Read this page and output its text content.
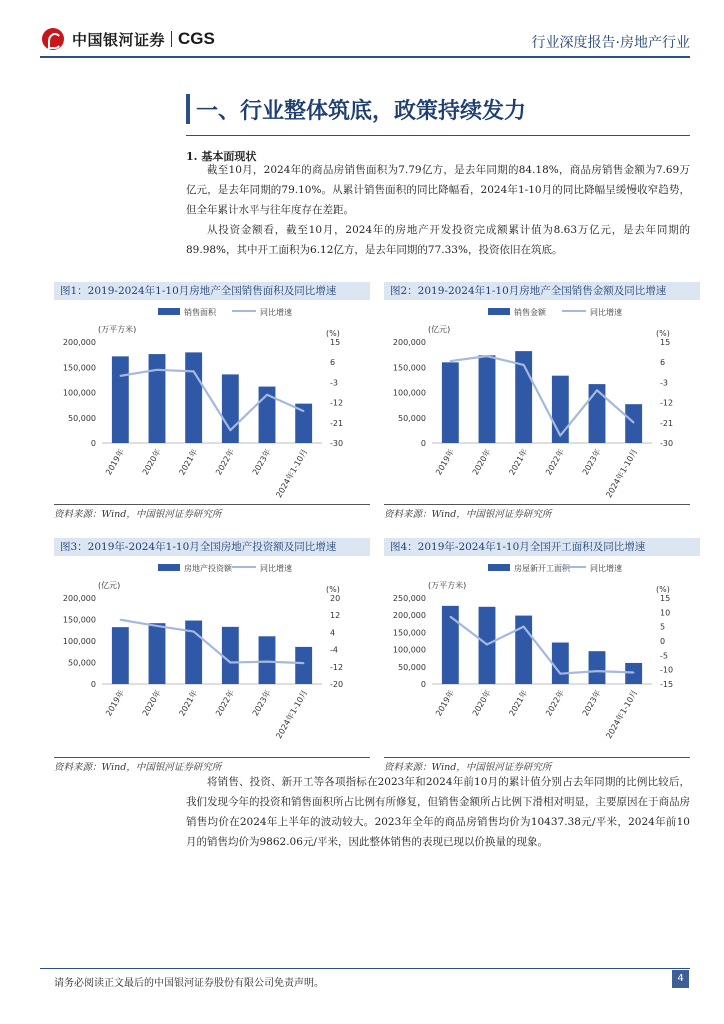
中国银河证券 CGS	行业深度报告·房地产行业
一、行业整体筑底，政策持续发力
1. 基本面现状

截至10月，2024年的商品房销售面积为7.79亿方，是去年同期的84.18%，商品房销售金额为7.69万亿元，是去年同期的79.10%。从累计销售面积的同比降幅看，2024年1-10月的同比降幅呈缓慢收窄趋势，但全年累计水平与往年度存在差距。

从投资金额看，截至10月，2024年的房地产开发投资完成额累计值为8.63万亿元，是去年同期的89.98%，其中开工面积为6.12亿方，是去年同期的77.33%，投资依旧在筑底。

图1：2019-2024年1-10月房地产全国销售面积及同比增速
销售面积	同比增速
(万平方米)	(%)
0
50,000
100,000
150,000
200,000
-30
-21
-12
-3
6
15
2019年 2020年 2021年 2022年 2023年 2024年1-10月
图2：2019-2024年1-10月房地产全国销售金额及同比增速
销售金额	同比增速
(亿元)	(%)
0
50,000
100,000
150,000
200,000
-30
-21
-12
-3
6
15
2019年 2020年 2021年 2022年 2023年 2024年1-10月
资料来源：Wind，中国银河证券研究所	资料来源：Wind，中国银河证券研究所
图3：2019年-2024年1-10月全国房地产投资额及同比增速
房地产投资额	同比增速
(亿元)	(%)
0
50,000
100,000
150,000
200,000
-20
-12
-4
4
12
20
2019年 2020年 2021年 2022年 2023年 2024年1-10月
图4：2019年-2024年1-10月全国开工面积及同比增速
房屋新开工面积	同比增速
(万平方米)	(%)
0
50,000
100,000
150,000
200,000
250,000
-15
-10
-5
0
5
10
15
2019年 2020年 2021年 2022年 2023年 2024年1-10月
资料来源：Wind，中国银河证券研究所	资料来源：Wind，中国银河证券研究所

将销售、投资、新开工等各项指标在2023年和2024年前10月的累计值分别占去年同期的比例比较后，我们发现今年的投资和销售面积所占比例有所修复，但销售金额所占比例下滑相对明显，主要原因在于商品房销售均价在2024年上半年的波动较大。2023年全年的商品房销售均价为10437.38元/平米，2024年前10月的销售均价为9862.06元/平米，因此整体销售的表现已现以价换量的现象。

请务必阅读正文最后的中国银河证券股份有限公司免责声明。	4
